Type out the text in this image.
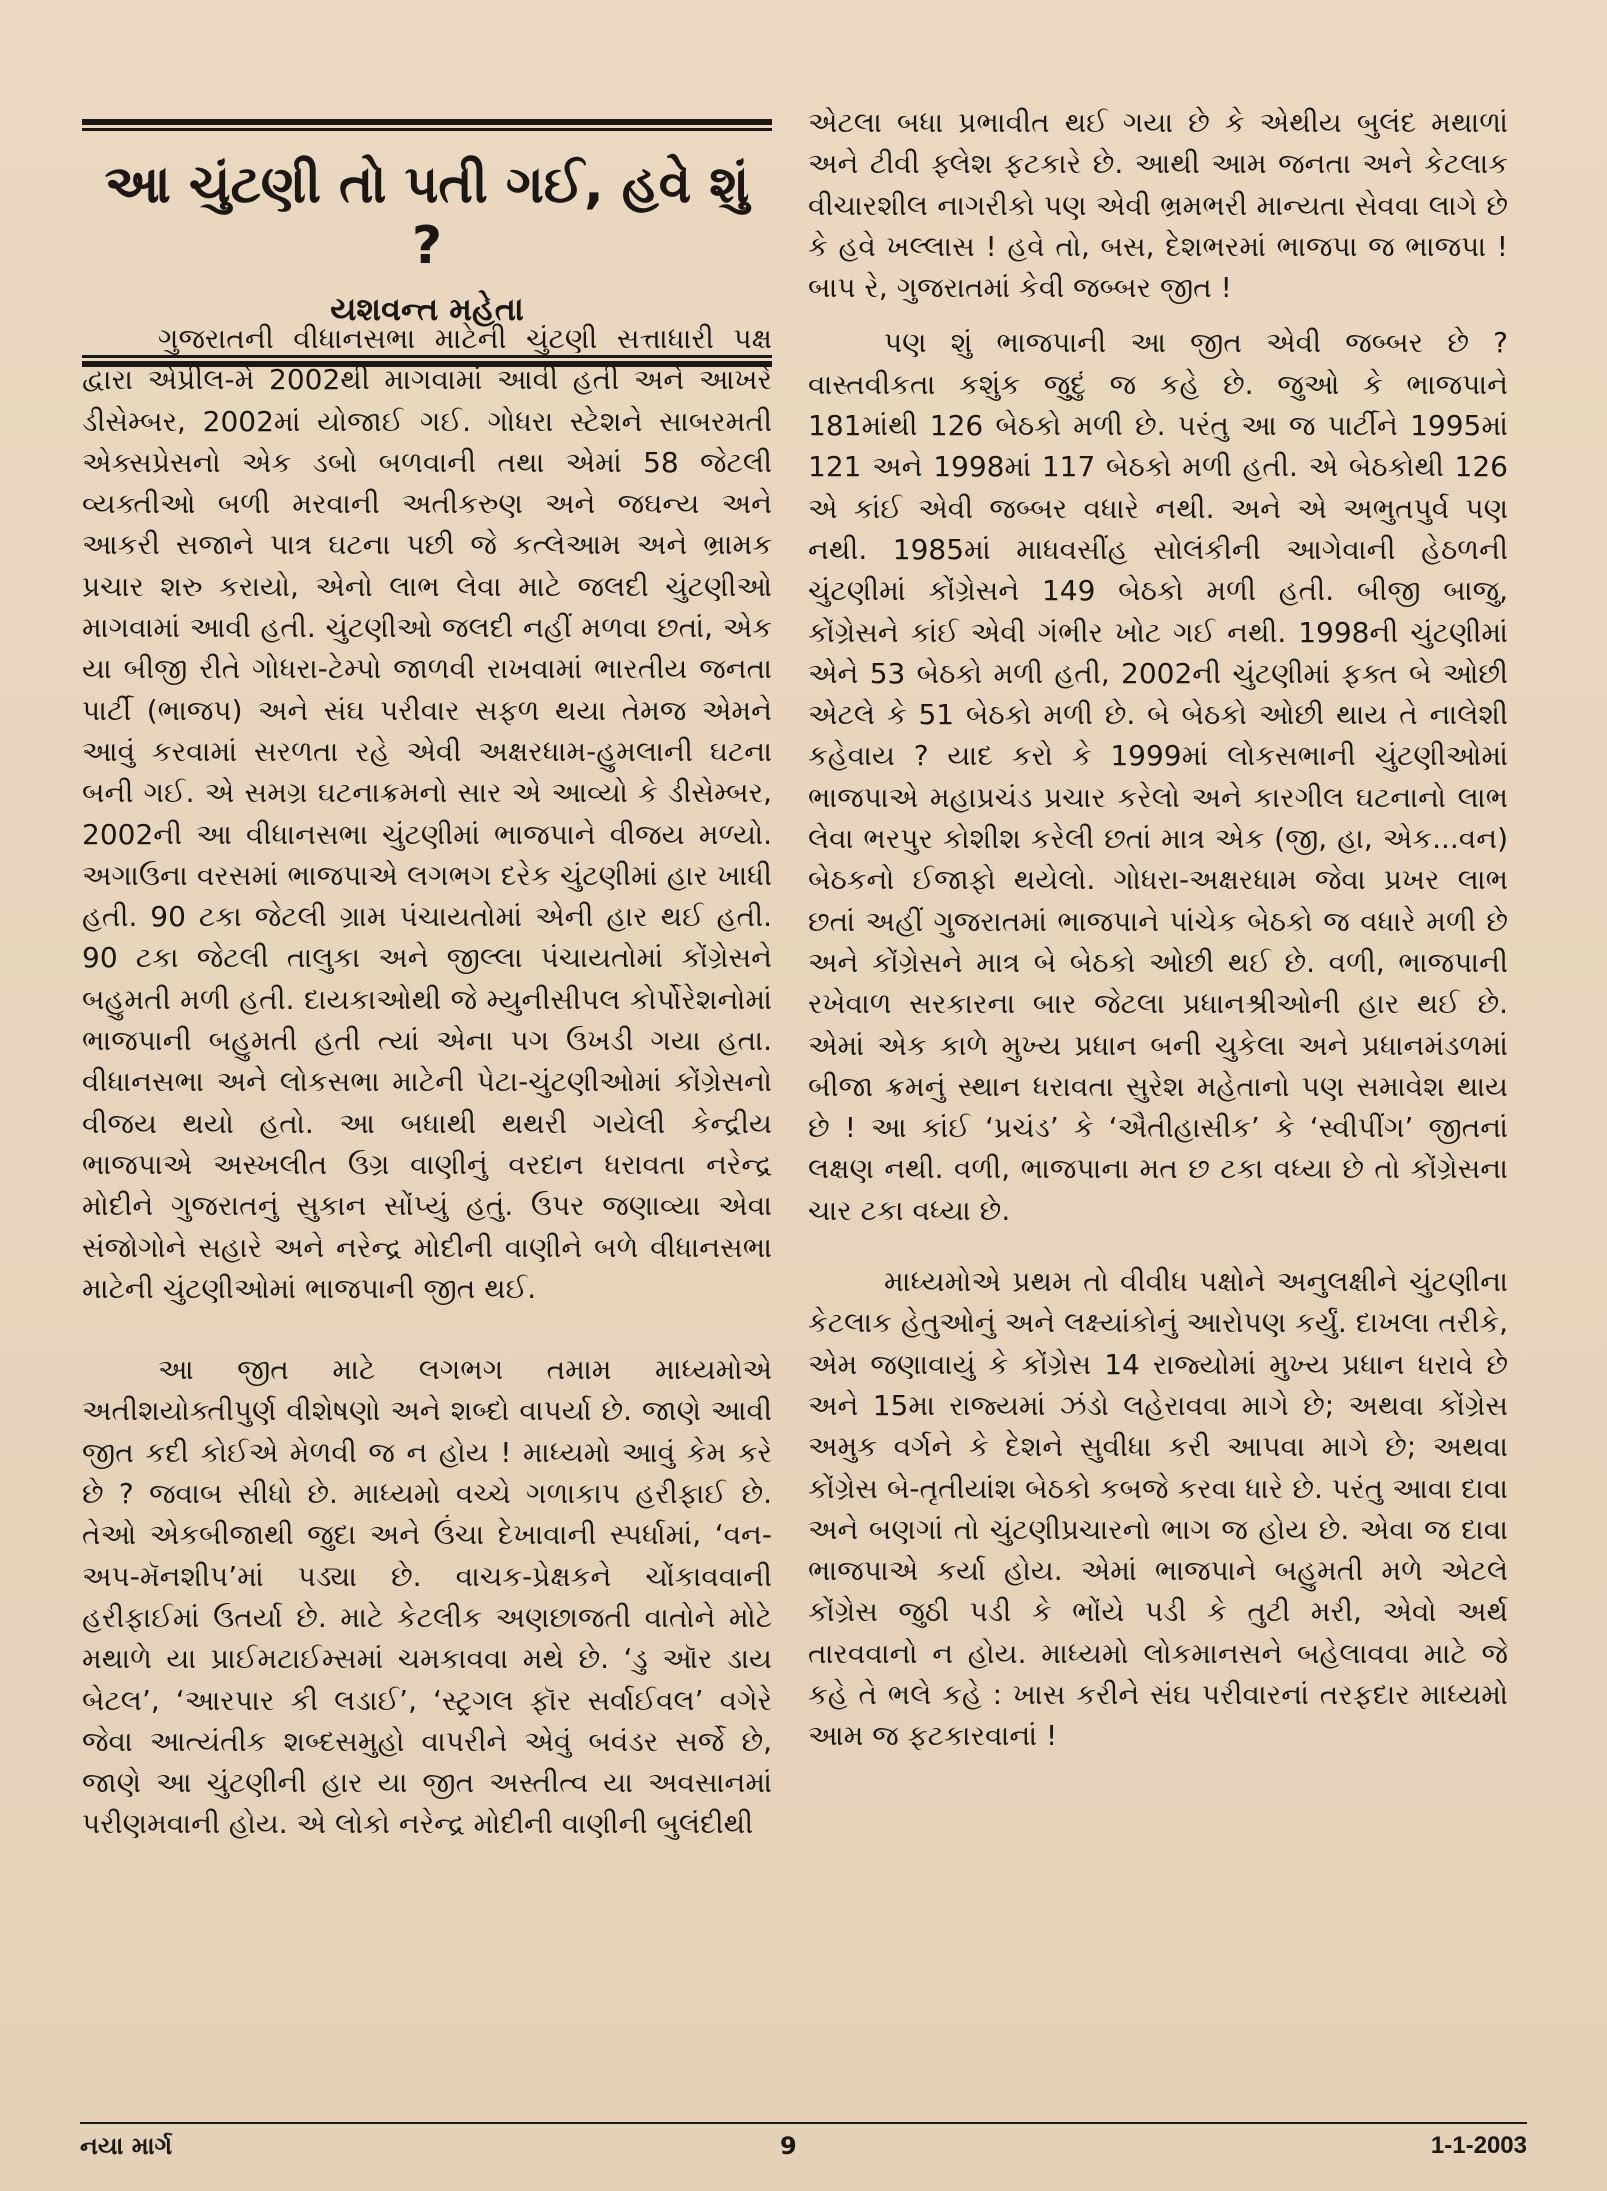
આ ચુંટણી તો પતી ગઈ, હવે શું ?
યશવન્ત મહેતા

ગુજરાતની વીધાનસભા માટેની ચુંટણી સત્તાધારી પક્ષ દ્વારા એપ્રીલ-મે 2002થી માગવામાં આવી હતી અને આખરે ડીસેમ્બર, 2002માં યોજાઈ ગઈ. ગોધરા સ્ટેશને સાબરમતી એક્સપ્રેસનો એક ડબો બળવાની તથા એમાં 58 જેટલી વ્યક્તીઓ બળી મરવાની અતીકરુણ અને જઘન્ય અને આકરી સજાને પાત્ર ઘટના પછી જે કત્લેઆમ અને ભ્રામક પ્રચાર શરુ કરાયો, એનો લાભ લેવા માટે જલદી ચુંટણીઓ માગવામાં આવી હતી. ચુંટણીઓ જલદી નહીં મળવા છતાં, એક યા બીજી રીતે ગોધરા-ટેમ્પો જાળવી રાખવામાં ભારતીય જનતા પાર્ટી (ભાજપ) અને સંઘ પરીવાર સફળ થયા તેમજ એમને આવું કરવામાં સરળતા રહે એવી અક્ષરધામ-હુમલાની ઘટના બની ગઈ. એ સમગ્ર ઘટનાક્રમનો સાર એ આવ્યો કે ડીસેમ્બર, 2002ની આ વીધાનસભા ચુંટણીમાં ભાજપાને વીજય મળ્યો. અગાઉના વરસમાં ભાજપાએ લગભગ દરેક ચુંટણીમાં હાર ખાધી હતી. 90 ટકા જેટલી ગ્રામ પંચાયતોમાં એની હાર થઈ હતી. 90 ટકા જેટલી તાલુકા અને જીલ્લા પંચાયતોમાં કોંગ્રેસને બહુમતી મળી હતી. દાયકાઓથી જે મ્યુનીસીપલ કોર્પોરેશનોમાં ભાજપાની બહુમતી હતી ત્યાં એના પગ ઉખડી ગયા હતા. વીધાનસભા અને લોકસભા માટેની પેટા-ચુંટણીઓમાં કોંગ્રેસનો વીજય થયો હતો. આ બધાથી થથરી ગયેલી કેન્દ્રીય ભાજપાએ અસ્ખલીત ઉગ્ર વાણીનું વરદાન ધરાવતા નરેન્દ્ર મોદીને ગુજરાતનું સુકાન સોંપ્યું હતું. ઉપર જણાવ્યા એવા સંજોગોને સહારે અને નરેન્દ્ર મોદીની વાણીને બળે વીધાનસભા માટેની ચુંટણીઓમાં ભાજપાની જીત થઈ.

આ જીત માટે લગભગ તમામ માધ્યમોએ અતીશયોક્તીપુર્ણ વીશેષણો અને શબ્દો વાપર્યા છે. જાણે આવી જીત કદી કોઈએ મેળવી જ ન હોય ! માધ્યમો આવું કેમ કરે છે ? જવાબ સીધો છે. માધ્યમો વચ્ચે ગળાકાપ હરીફાઈ છે. તેઓ એકબીજાથી જુદા અને ઉંચા દેખાવાની સ્પર્ધામાં, ‘વન-અપ-મૅનશીપ’માં પડ્યા છે. વાચક-પ્રેક્ષકને ચોંકાવવાની હરીફાઈમાં ઉતર્યા છે. માટે કેટલીક અણછાજતી વાતોને મોટે મથાળે યા પ્રાઈમટાઈમ્સમાં ચમકાવવા મથે છે. ‘ડુ ઑર ડાય બેટલ’, ‘આરપાર કી લડાઈ’, ‘સ્ટ્રગલ ફૉર સર્વાઈવલ’ વગેરે જેવા આત્યંતીક શબ્દસમુહો વાપરીને એવું બવંડર સર્જે છે, જાણે આ ચુંટણીની હાર યા જીત અસ્તીત્વ યા અવસાનમાં પરીણમવાની હોય. એ લોકો નરેન્દ્ર મોદીની વાણીની બુલંદીથી

એટલા બધા પ્રભાવીત થઈ ગયા છે કે એથીય બુલંદ મથાળાં અને ટીવી ફ્લેશ ફટકારે છે. આથી આમ જનતા અને કેટલાક વીચારશીલ નાગરીકો પણ એવી ભ્રમભરી માન્યતા સેવવા લાગે છે કે હવે ખલ્લાસ ! હવે તો, બસ, દેશભરમાં ભાજપા જ ભાજપા ! બાપ રે, ગુજરાતમાં કેવી જબ્બર જીત !

પણ શું ભાજપાની આ જીત એવી જબ્બર છે ? વાસ્તવીકતા કશુંક જુદું જ કહે છે. જુઓ કે ભાજપાને 181માંથી 126 બેઠકો મળી છે. પરંતુ આ જ પાર્ટીને 1995માં 121 અને 1998માં 117 બેઠકો મળી હતી. એ બેઠકોથી 126 એ કાંઈ એવી જબ્બર વધારે નથી. અને એ અભુતપુર્વ પણ નથી. 1985માં માધવસીંહ સોલંકીની આગેવાની હેઠળની ચુંટણીમાં કોંગ્રેસને 149 બેઠકો મળી હતી. બીજી બાજુ, કોંગ્રેસને કાંઈ એવી ગંભીર ખોટ ગઈ નથી. 1998ની ચુંટણીમાં એને 53 બેઠકો મળી હતી, 2002ની ચુંટણીમાં ફક્ત બે ઓછી એટલે કે 51 બેઠકો મળી છે. બે બેઠકો ઓછી થાય તે નાલેશી કહેવાય ? યાદ કરો કે 1999માં લોકસભાની ચુંટણીઓમાં ભાજપાએ મહાપ્રચંડ પ્રચાર કરેલો અને કારગીલ ઘટનાનો લાભ લેવા ભરપુર કોશીશ કરેલી છતાં માત્ર એક (જી, હા, એક...વન) બેઠકનો ઈજાફો થયેલો. ગોધરા-અક્ષરધામ જેવા પ્રખર લાભ છતાં અહીં ગુજરાતમાં ભાજપાને પાંચેક બેઠકો જ વધારે મળી છે અને કોંગ્રેસને માત્ર બે બેઠકો ઓછી થઈ છે. વળી, ભાજપાની રખેવાળ સરકારના બાર જેટલા પ્રધાનશ્રીઓની હાર થઈ છે. એમાં એક કાળે મુખ્ય પ્રધાન બની ચુકેલા અને પ્રધાનમંડળમાં બીજા ક્રમનું સ્થાન ધરાવતા સુરેશ મહેતાનો પણ સમાવેશ થાય છે ! આ કાંઈ ‘પ્રચંડ’ કે ‘ઐતીહાસીક’ કે ‘સ્વીપીંગ’ જીતનાં લક્ષણ નથી. વળી, ભાજપાના મત છ ટકા વધ્યા છે તો કોંગ્રેસના ચાર ટકા વધ્યા છે.

માધ્યમોએ પ્રથમ તો વીવીધ પક્ષોને અનુલક્ષીને ચુંટણીના કેટલાક હેતુઓનું અને લક્ષ્યાંકોનું આરોપણ કર્યું. દાખલા તરીકે, એમ જણાવાયું કે કોંગ્રેસ 14 રાજ્યોમાં મુખ્ય પ્રધાન ધરાવે છે અને 15મા રાજ્યમાં ઝંડો લહેરાવવા માગે છે; અથવા કોંગ્રેસ અમુક વર્ગને કે દેશને સુવીધા કરી આપવા માગે છે; અથવા કોંગ્રેસ બે-તૃતીયાંશ બેઠકો કબજે કરવા ધારે છે. પરંતુ આવા દાવા અને બણગાં તો ચુંટણીપ્રચારનો ભાગ જ હોય છે. એવા જ દાવા ભાજપાએ કર્યા હોય. એમાં ભાજપાને બહુમતી મળે એટલે કોંગ્રેસ જુઠી પડી કે ભોંયે પડી કે તુટી મરી, એવો અર્થ તારવવાનો ન હોય. માધ્યમો લોકમાનસને બહેલાવવા માટે જે કહે તે ભલે કહે : ખાસ કરીને સંઘ પરીવારનાં તરફદાર માધ્યમો આમ જ ફટકારવાનાં !

નયા માર્ગ	9	1-1-2003
